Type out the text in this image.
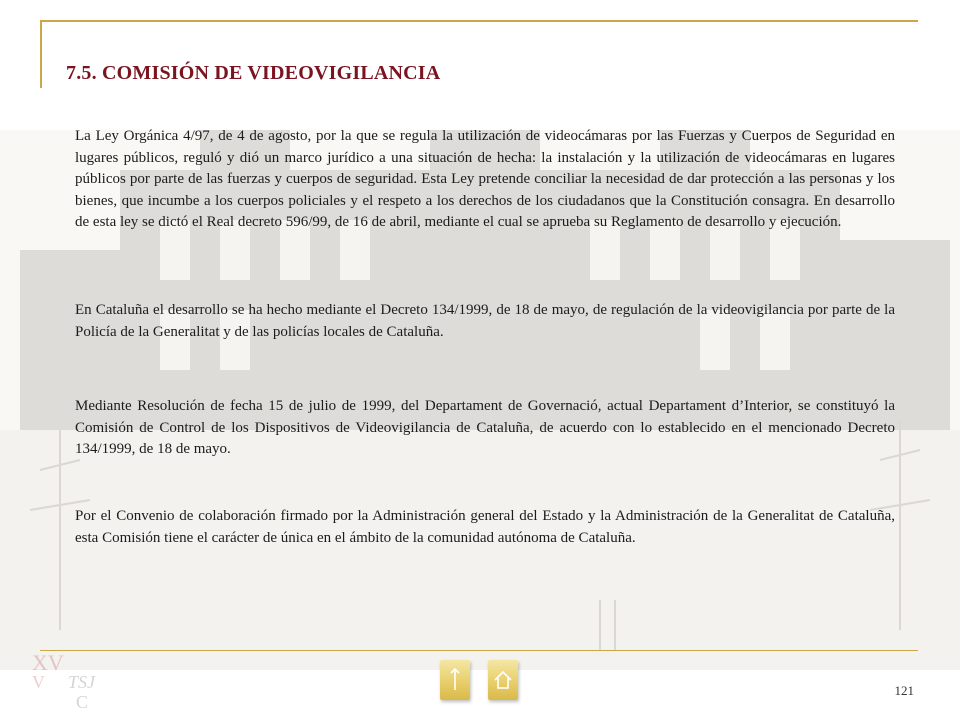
7.5. COMISIÓN DE VIDEOVIGILANCIA

La Ley Orgánica 4/97, de 4 de agosto, por la que se regula la utilización de videocámaras por las Fuerzas y Cuerpos de Seguridad en lugares públicos, reguló y dió un marco jurídico a una situación de hecha: la instalación y la utilización de videocámaras en lugares públicos por parte de las fuerzas y cuerpos de seguridad. Esta Ley pretende conciliar la necesidad de dar protección a las personas y los bienes, que incumbe a los cuerpos policiales y el respeto a los derechos de los ciudadanos que la Constitución consagra. En desarrollo de esta ley se dictó el Real decreto 596/99, de 16 de abril, mediante el cual se aprueba su Reglamento de desarrollo y ejecución.

En Cataluña el desarrollo se ha hecho mediante el Decreto 134/1999, de 18 de mayo, de regulación de la videovigilancia por parte de la Policía de la Generalitat y de las policías locales de Cataluña.

Mediante Resolución de fecha 15 de julio de 1999, del Departament de Governació, actual Departament d’Interior, se constituyó la Comisión de Control de los Dispositivos de Videovigilancia de Cataluña, de acuerdo con lo establecido en el mencionado Decreto 134/1999, de 18 de mayo.

Por el Convenio de colaboración firmado por la Administración general del Estado y la Administración de la Generalitat de Cataluña, esta Comisión tiene el carácter de única en el ámbito de la comunidad autónoma de Cataluña.

XV
V TSJ
C
121
